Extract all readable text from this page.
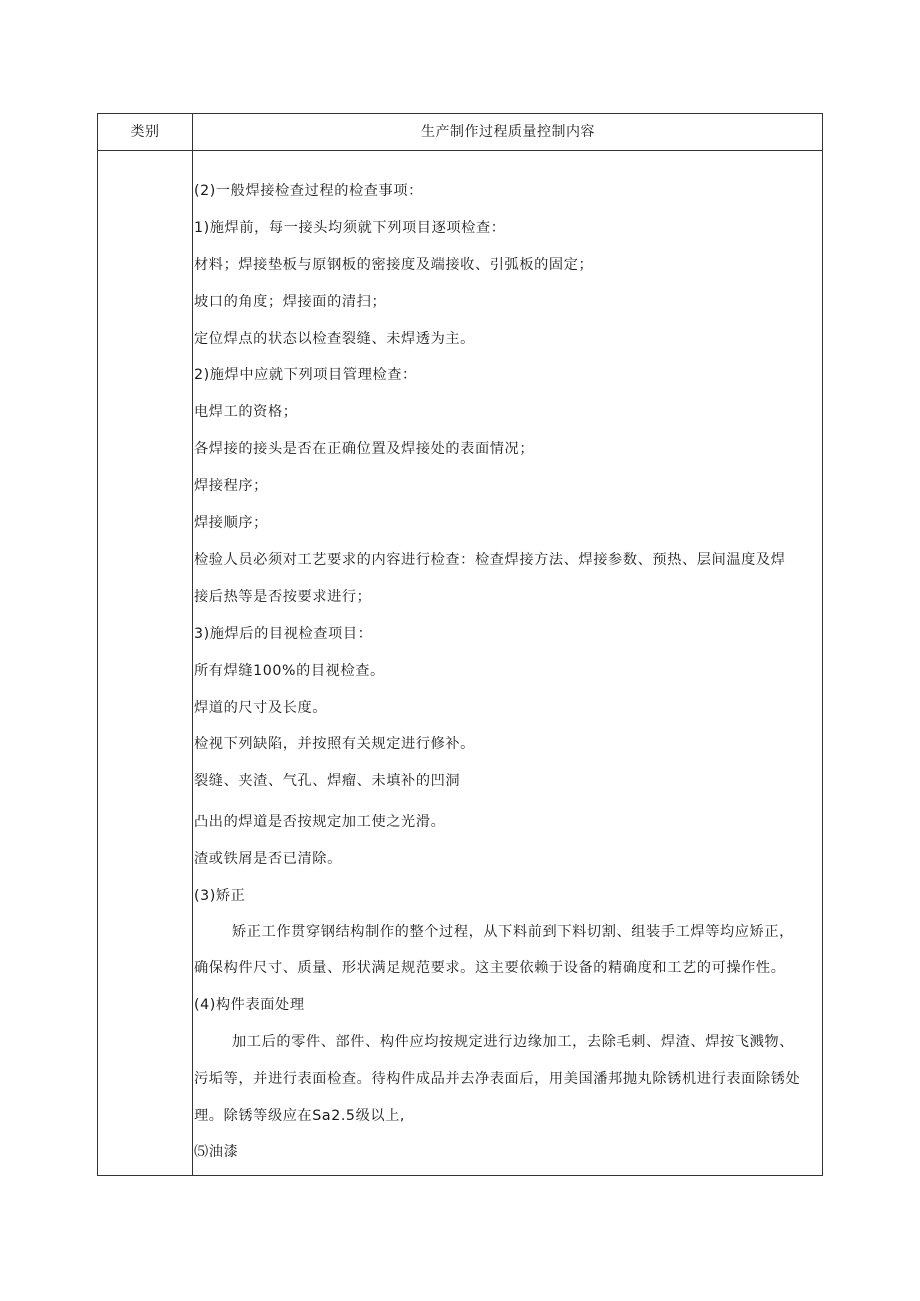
类别	生产制作过程质量控制内容
(2)一般焊接检查过程的检查事项：
1)施焊前，每一接头均须就下列项目逐项检查：
材料；焊接垫板与原钢板的密接度及端接收、引弧板的固定；
坡口的角度；焊接面的清扫；
定位焊点的状态以检查裂缝、未焊透为主。
2)施焊中应就下列项目管理检查：
电焊工的资格；
各焊接的接头是否在正确位置及焊接处的表面情况；
焊接程序；
焊接顺序；
检验人员必须对工艺要求的内容进行检查：检查焊接方法、焊接参数、预热、层间温度及焊
接后热等是否按要求进行；
3)施焊后的目视检查项目：
所有焊缝100%的目视检查。
焊道的尺寸及长度。
检视下列缺陷，并按照有关规定进行修补。
裂缝、夹渣、气孔、焊瘤、未填补的凹洞
凸出的焊道是否按规定加工使之光滑。
渣或铁屑是否已清除。
(3)矫正
矫正工作贯穿钢结构制作的整个过程，从下料前到下料切割、组装手工焊等均应矫正，
确保构件尺寸、质量、形状满足规范要求。这主要依赖于设备的精确度和工艺的可操作性。
(4)构件表面处理
加工后的零件、部件、构件应均按规定进行边缘加工，去除毛刺、焊渣、焊按飞溅物、
污垢等，并进行表面检查。待构件成品并去净表面后，用美国潘邦抛丸除锈机进行表面除锈处
理。除锈等级应在Sa2.5级以上,
⑸油漆
